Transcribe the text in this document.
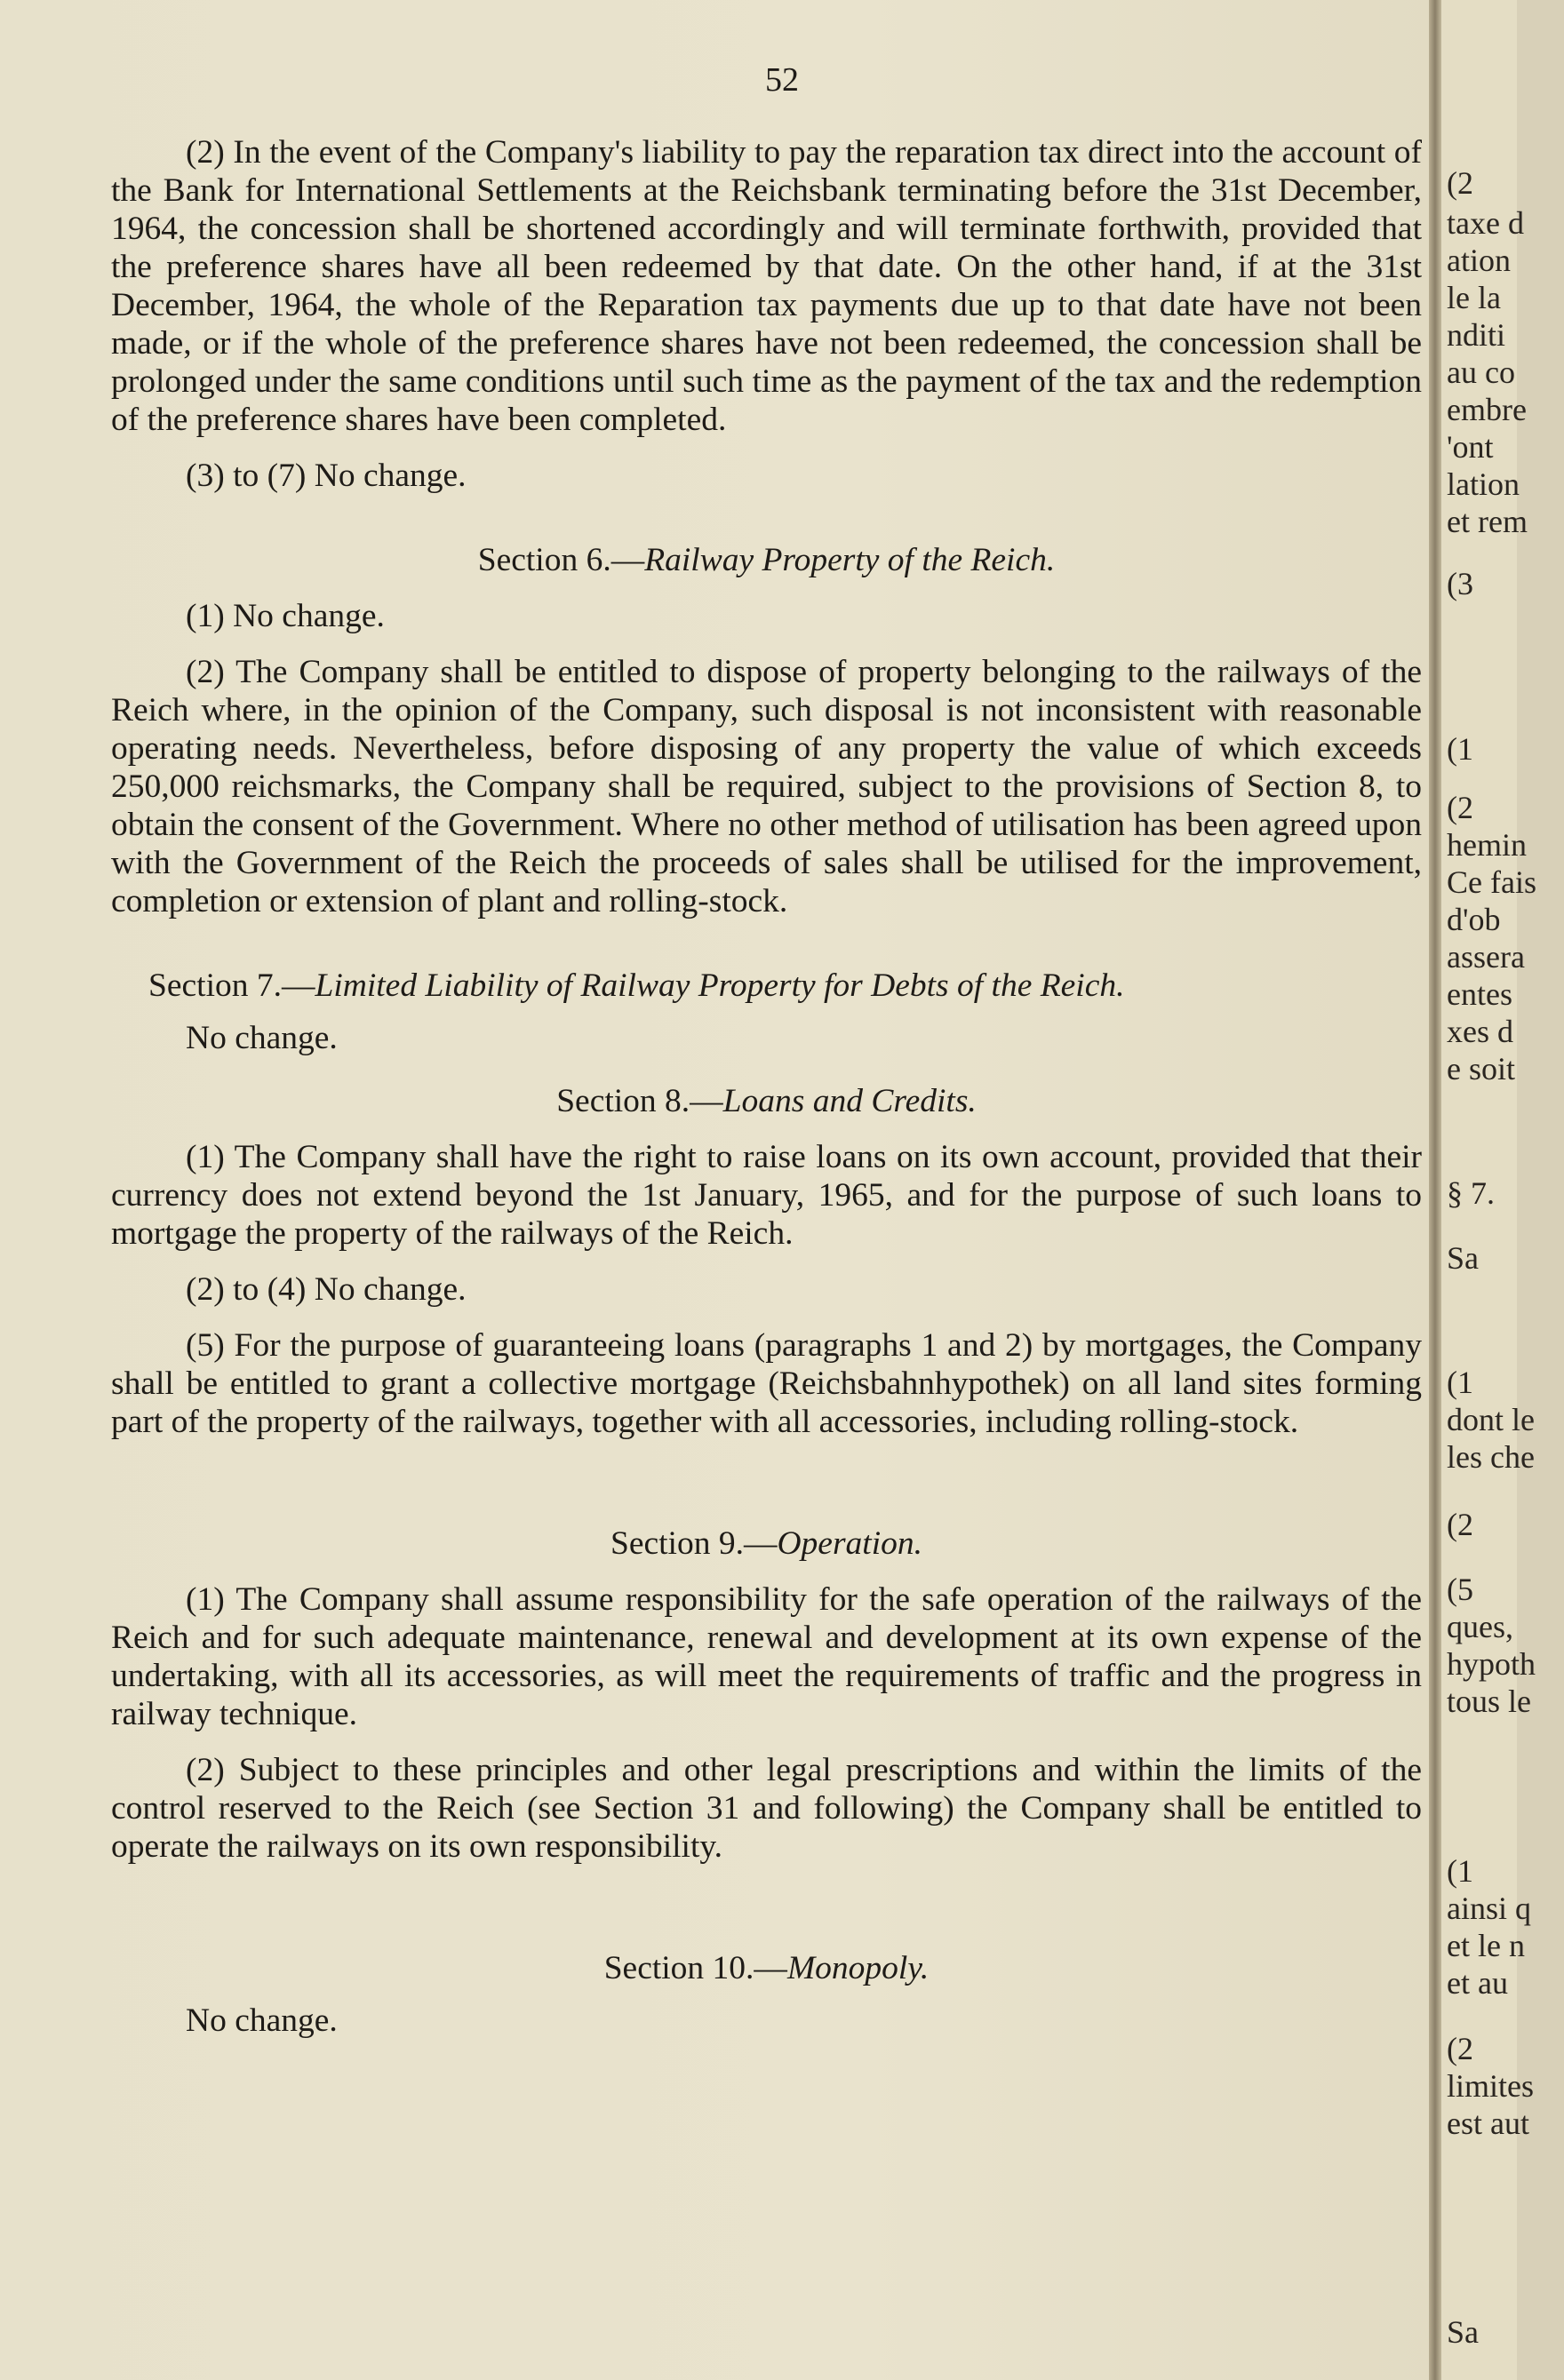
52

(2) In the event of the Company's liability to pay the reparation tax direct into the account of the Bank for International Settlements at the Reichsbank terminating before the 31st December, 1964, the concession shall be shortened accordingly and will terminate forthwith, provided that the preference shares have all been redeemed by that date. On the other hand, if at the 31st December, 1964, the whole of the Reparation tax payments due up to that date have not been made, or if the whole of the preference shares have not been redeemed, the concession shall be prolonged under the same conditions until such time as the payment of the tax and the redemption of the preference shares have been completed.

(3) to (7) No change.

Section 6.—Railway Property of the Reich.

(1) No change.

(2) The Company shall be entitled to dispose of property belonging to the railways of the Reich where, in the opinion of the Company, such disposal is not inconsistent with reasonable operating needs. Nevertheless, before disposing of any property the value of which exceeds 250,000 reichsmarks, the Company shall be required, subject to the provisions of Section 8, to obtain the consent of the Government. Where no other method of utilisation has been agreed upon with the Government of the Reich the proceeds of sales shall be utilised for the improvement, completion or extension of plant and rolling-stock.

Section 7.—Limited Liability of Railway Property for Debts of the Reich.

No change.

Section 8.—Loans and Credits.

(1) The Company shall have the right to raise loans on its own account, provided that their currency does not extend beyond the 1st January, 1965, and for the purpose of such loans to mortgage the property of the railways of the Reich.

(2) to (4) No change.

(5) For the purpose of guaranteeing loans (paragraphs 1 and 2) by mortgages, the Company shall be entitled to grant a collective mortgage (Reichsbahnhypothek) on all land sites forming part of the property of the railways, together with all accessories, including rolling-stock.

Section 9.—Operation.

(1) The Company shall assume responsibility for the safe operation of the railways of the Reich and for such adequate maintenance, renewal and development at its own expense of the undertaking, with all its accessories, as will meet the requirements of traffic and the progress in railway technique.

(2) Subject to these principles and other legal prescriptions and within the limits of the control reserved to the Reich (see Section 31 and following) the Company shall be entitled to operate the railways on its own responsibility.

Section 10.—Monopoly.

No change.

(2
taxe d
ation
le la
nditi
au co
embre
'ont
lation
et rem
(3
(1
(2
hemin
Ce fais
d'ob
assera
entes
xes d
e soit
§ 7.
Sa
(1
dont le
les che
(2
(5
ques,
hypoth
tous le
(1
ainsi q
et le n
et au
(2
limites
est aut
Sa
